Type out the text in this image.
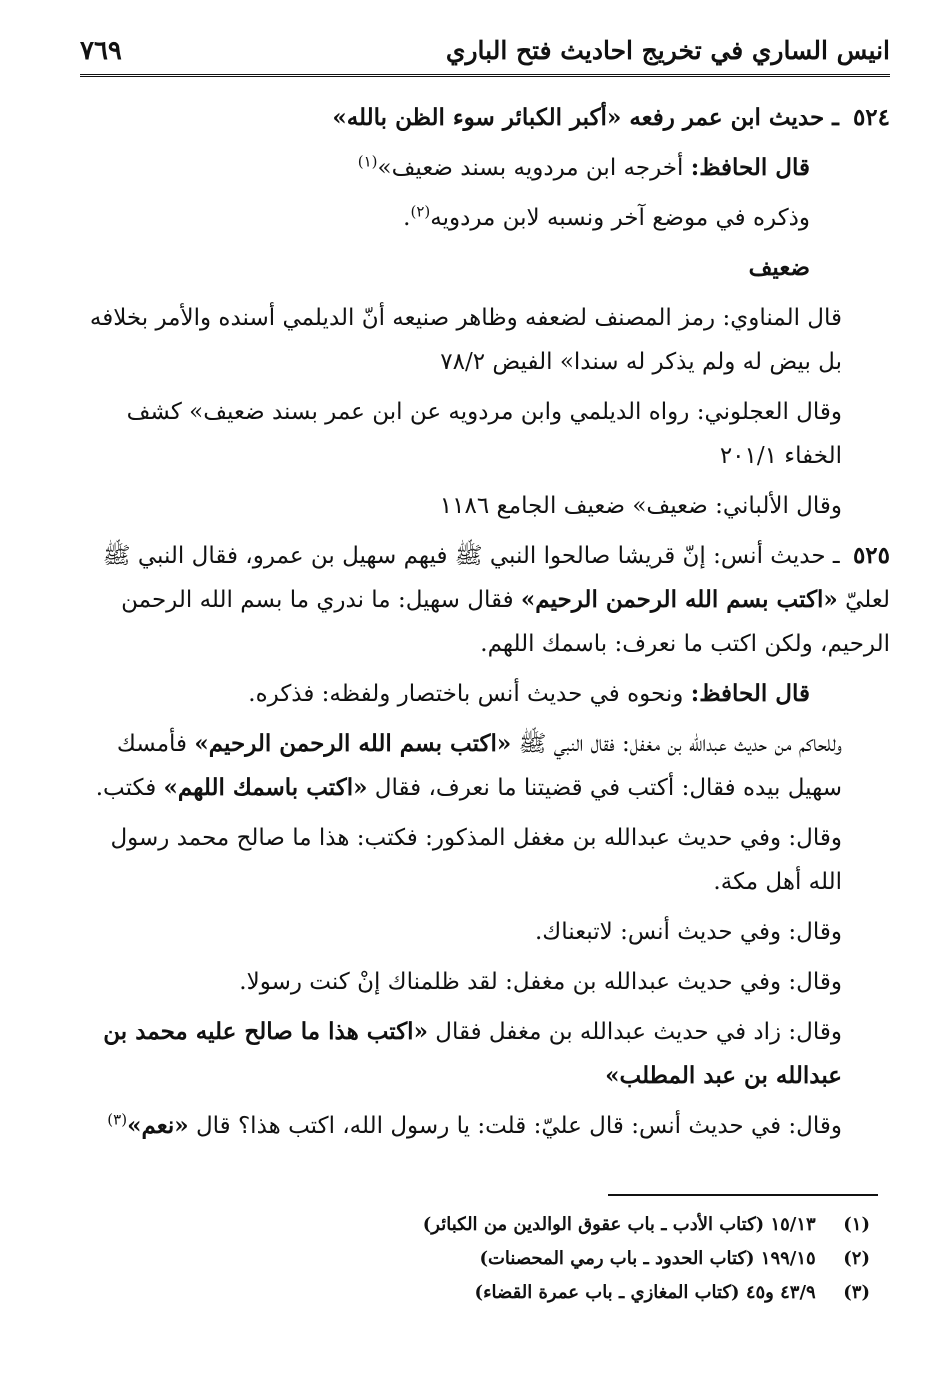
انيس الساري في تخريج احاديث فتح الباري
٧٦٩

٥٢٤ ـ حديث ابن عمر رفعه «أكبر الكبائر سوء الظن بالله»

قال الحافظ: أخرجه ابن مردويه بسند ضعيف»$^{(١)}$

وذكره في موضع آخر ونسبه لابن مردويه$^{(٢)}$.

ضعيف

قال المناوي: رمز المصنف لضعفه وظاهر صنيعه أنّ الديلمي أسنده والأمر بخلافه بل بيض له ولم يذكر له سندا» الفيض ٧٨/٢

وقال العجلوني: رواه الديلمي وابن مردويه عن ابن عمر بسند ضعيف» كشف الخفاء ٢٠١/١

وقال الألباني: ضعيف» ضعيف الجامع ١١٨٦

٥٢٥ ـ حديث أنس: إنّ قريشا صالحوا النبي ﷺ فيهم سهيل بن عمرو، فقال النبي ﷺ لعليّ «اكتب بسم الله الرحمن الرحيم» فقال سهيل: ما ندري ما بسم الله الرحمن الرحيم، ولكن اكتب ما نعرف: باسمك اللهم.

قال الحافظ: ونحوه في حديث أنس باختصار ولفظه: فذكره.

وللحاكم من حديث عبدالله بن مغفل: فقال النبي ﷺ «اكتب بسم الله الرحمن الرحيم» فأمسك سهيل بيده فقال: أكتب في قضيتنا ما نعرف، فقال «اكتب باسمك اللهم» فكتب.

وقال: وفي حديث عبدالله بن مغفل المذكور: فكتب: هذا ما صالح محمد رسول الله أهل مكة.

وقال: وفي حديث أنس: لاتبعناك.

وقال: وفي حديث عبدالله بن مغفل: لقد ظلمناك إنْ كنت رسولا.

وقال: زاد في حديث عبدالله بن مغفل فقال «اكتب هذا ما صالح عليه محمد بن عبدالله بن عبد المطلب»

وقال: في حديث أنس: قال عليّ: قلت: يا رسول الله، اكتب هذا؟ قال «نعم»$^{(٣)}$

(١) ١٥/١٣ (كتاب الأدب ـ باب عقوق الوالدين من الكبائر)
(٢) ١٩٩/١٥ (كتاب الحدود ـ باب رمي المحصنات)
(٣) ٤٣/٩ و٤٥ (كتاب المغازي ـ باب عمرة القضاء)
